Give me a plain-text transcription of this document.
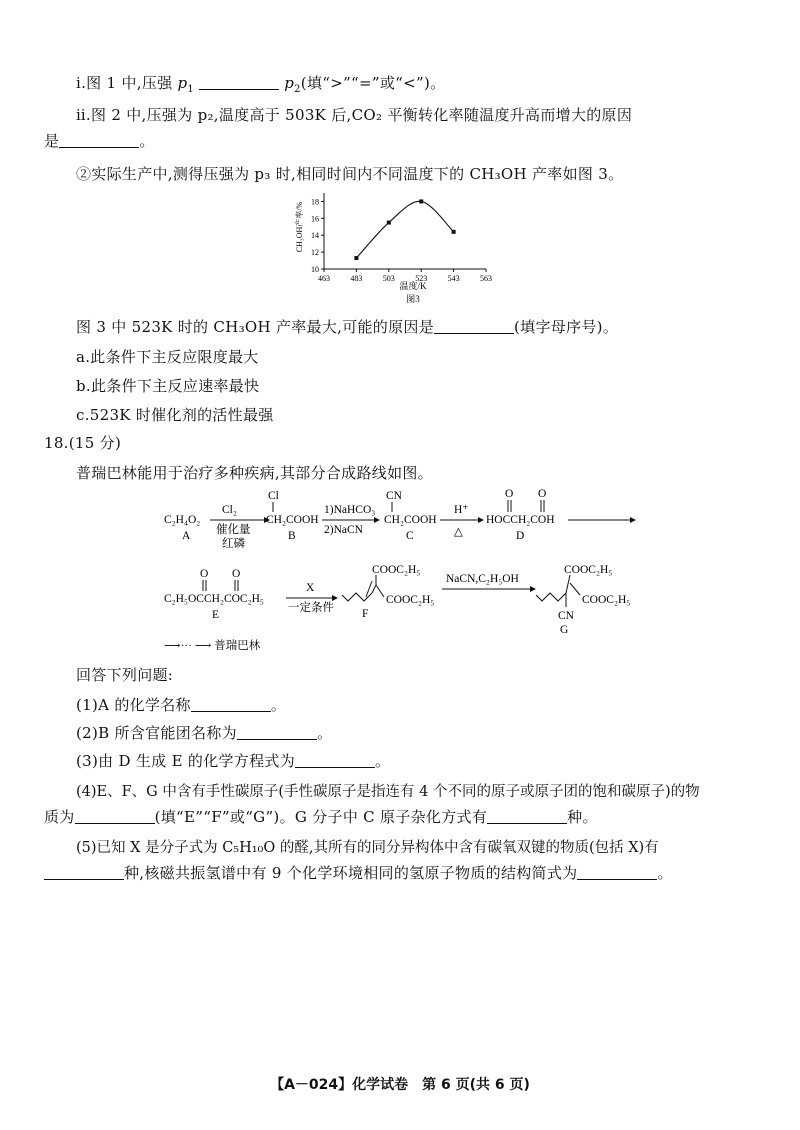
ⅰ.图 1 中,压强 $p_1$	$p_2$(填“>”“=”或“<”)。
ⅱ.图 2 中,压强为 p₂,温度高于 503K 后,CO₂ 平衡转化率随温度升高而增大的原因
是	。
②实际生产中,测得压强为 p₃ 时,相同时间内不同温度下的 CH₃OH 产率如图 3。
463	483	503	523	543	563
10
12
14
16
18
温度/K
图3
CH₃OH产率/%
图 3 中 523K 时的 CH₃OH 产率最大,可能的原因是	(填字母序号)。
a.此条件下主反应限度最大
b.此条件下主反应速率最快
c.523K 时催化剂的活性最强
18.(15 分)
普瑞巴林能用于治疗多种疾病,其部分合成路线如图。
C₂H₄O₂
A
Cl₂
催化量
红磷
Cl
CH₂COOH
B
1)NaHCO₃
2)NaCN
CN
CH₂COOH
C
H⁺
△
O O
HOCCH₂COH
D
O O
C₂H₅OCCH₂COC₂H₅
E
X
一定条件
COOC₂H₅
COOC₂H₅
F
NaCN,C₂H₅OH
COOC₂H₅
COOC₂H₅
CN
G
⟶··· ⟶ 普瑞巴林
回答下列问题:
(1)A 的化学名称	。
(2)B 所含官能团名称为	。
(3)由 D 生成 E 的化学方程式为	。
(4)E、F、G 中含有手性碳原子(手性碳原子是指连有 4 个不同的原子或原子团的饱和碳原子)的物
质为	(填“E”“F”或“G”)。G 分子中 C 原子杂化方式有	种。
(5)已知 X 是分子式为 C₅H₁₀O 的醛,其所有的同分异构体中含有碳氧双键的物质(包括 X)有
种,核磁共振氢谱中有 9 个化学环境相同的氢原子物质的结构简式为	。
【A－024】化学试卷　第 6 页(共 6 页)
